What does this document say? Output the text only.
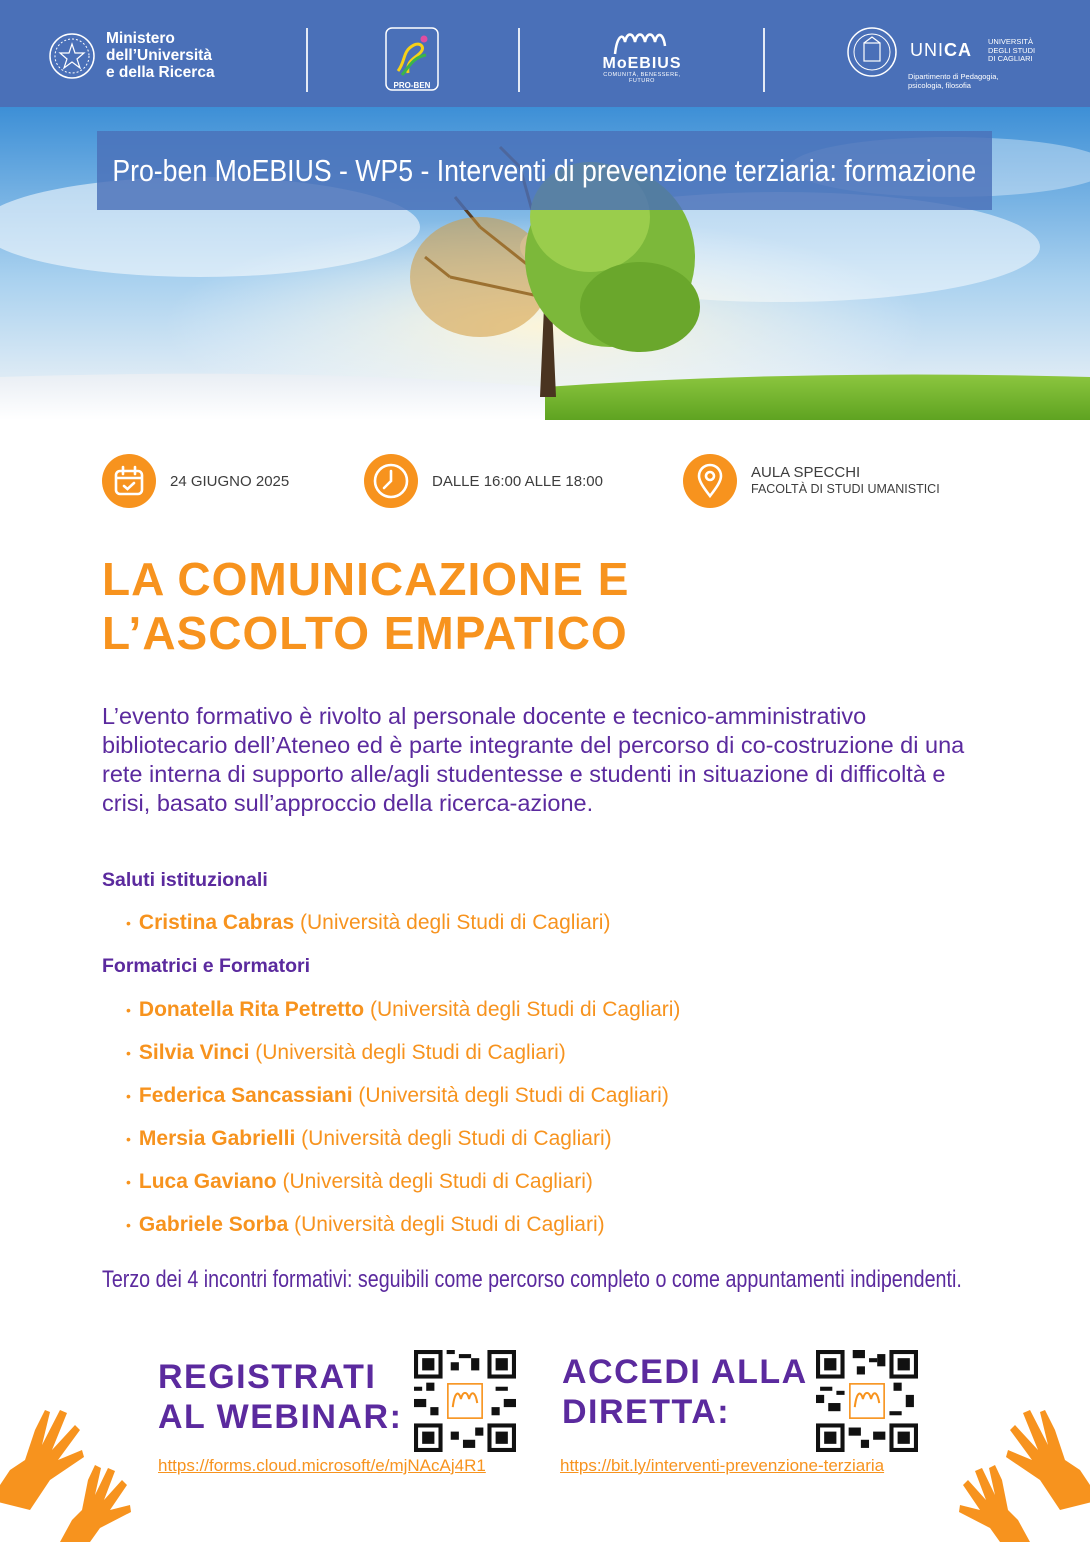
Ministero
dell’Università
e della Ricerca
PRO-BEN
MoEBIUS
COMUNITÀ, BENESSERE, FUTURO
UNICA UNIVERSITÀ
DEGLI STUDI
DI CAGLIARI
Dipartimento di Pedagogia,
psicologia, filosofia
Pro-ben MoEBIUS - WP5 - Interventi di prevenzione terziaria: formazione
24 GIUGNO 2025	DALLE 16:00 ALLE 18:00	AULA SPECCHI
FACOLTÀ DI STUDI UMANISTICI
LA COMUNICAZIONE E
L’ASCOLTO EMPATICO
L’evento formativo è rivolto al personale docente e tecnico-amministrativo bibliotecario dell’Ateneo ed è parte integrante del percorso di co-costruzione di una rete interna di supporto alle/agli studentesse e studenti in situazione di difficoltà e crisi, basato sull’approccio della ricerca-azione.
Saluti istituzionali
• Cristina Cabras (Università degli Studi di Cagliari)
Formatrici e Formatori
• Donatella Rita Petretto (Università degli Studi di Cagliari)
• Silvia Vinci (Università degli Studi di Cagliari)
• Federica Sancassiani (Università degli Studi di Cagliari)
• Mersia Gabrielli (Università degli Studi di Cagliari)
• Luca Gaviano (Università degli Studi di Cagliari)
• Gabriele Sorba (Università degli Studi di Cagliari)
Terzo dei 4 incontri formativi: seguibili come percorso completo o come appuntamenti indipendenti.
REGISTRATI
AL WEBINAR:
https://forms.cloud.microsoft/e/mjNAcAj4R1
ACCEDI ALLA
DIRETTA:
https://bit.ly/interventi-prevenzione-terziaria
